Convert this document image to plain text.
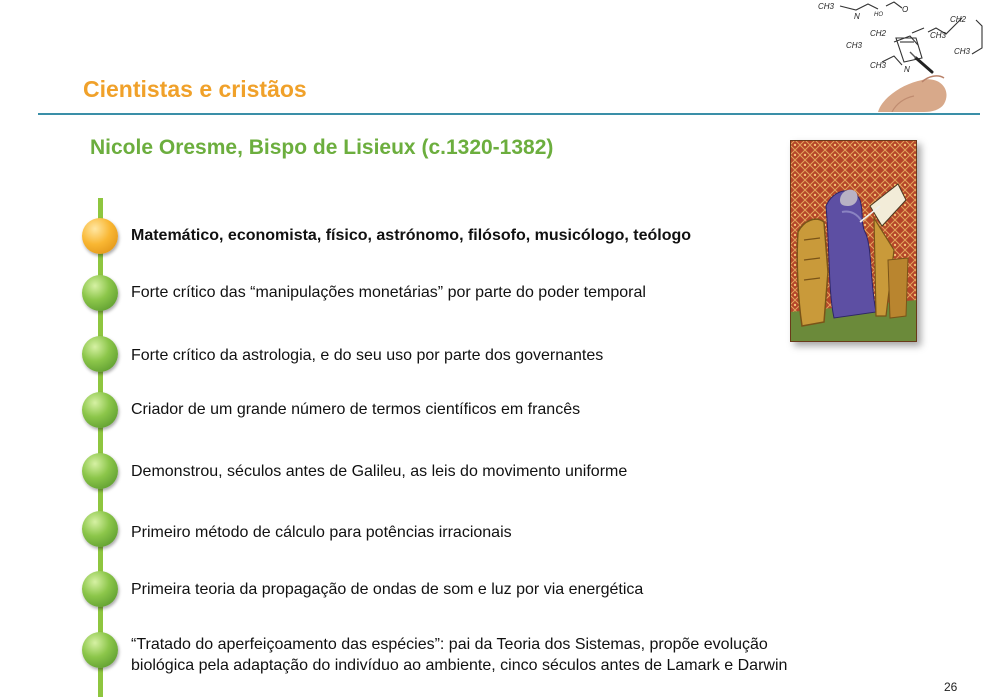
CH3
N HO
O
CH2
CH2	CH3
CH3
CH3
CH3 N
Cientistas e cristãos
Nicole Oresme, Bispo de Lisieux (c.1320-1382)

Matemático, economista, físico, astrónomo, filósofo, musicólogo, teólogo

Forte crítico das “manipulações monetárias” por parte do poder temporal

Forte crítico da astrologia, e do seu uso por parte dos governantes

Criador de um grande número de termos científicos em francês

Demonstrou, séculos antes de Galileu, as leis do movimento uniforme

Primeiro método de cálculo para potências irracionais

Primeira teoria da propagação de ondas de som e luz por via energética

“Tratado do aperfeiçoamento das espécies”: pai da Teoria dos Sistemas, propõe evolução
biológica pela adaptação do indivíduo ao ambiente, cinco séculos antes de Lamark e Darwin
26
